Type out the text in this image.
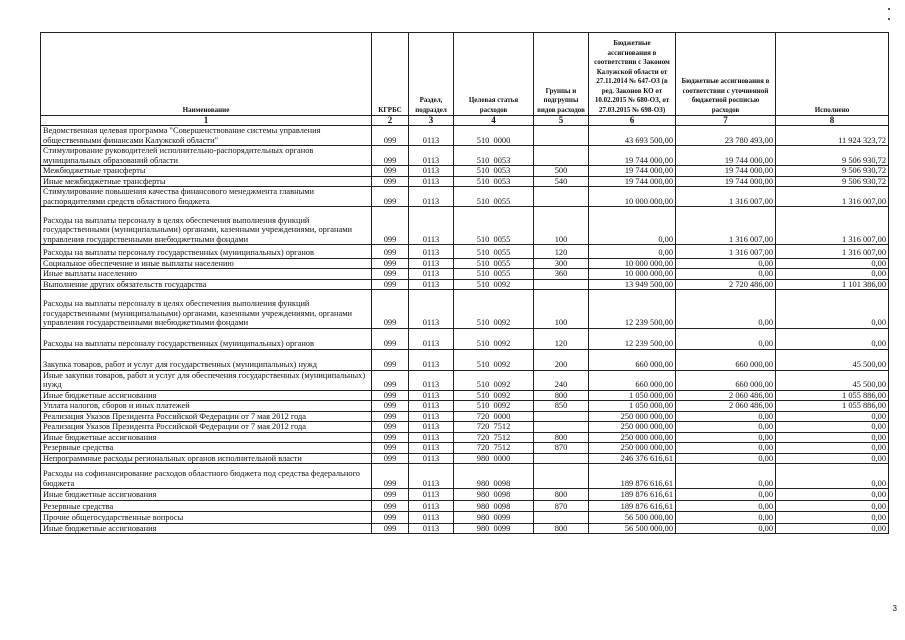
Наименование	КГРБС	Раздел, подраздел	Целевая статья расходов	Группы и подгруппы видов расходов	Бюджетные ассигнования в соответствии с Законом Калужской области от 27.11.2014 № 647-ОЗ (в ред. Законов КО от 10.02.2015 № 680-ОЗ, от 27.03.2015 № 698-ОЗ)	Бюджетные ассигнования в соответствии с уточненной бюджетной росписью расходов	Исполнено
1	2	3	4	5	6	7	8
Ведомственная целевая программа "Совершенствование системы управления общественными финансами Калужской области"	099	0113	510  0000		43 693 500,00	23 780 493,00	11 924 323,72
Стимулирование руководителей исполнительно-распорядительных органов муниципальных образований области	099	0113	510  0053		19 744 000,00	19 744 000,00	9 506 930,72
Межбюджетные трансферты	099	0113	510  0053	500	19 744 000,00	19 744 000,00	9 506 930,72
Иные межбюджетные трансферты	099	0113	510  0053	540	19 744 000,00	19 744 000,00	9 506 930,72
Стимулирование повышения качества финансового менеджмента главными распорядителями средств областного бюджета	099	0113	510  0055		10 000 000,00	1 316 007,00	1 316 007,00
Расходы на выплаты персоналу в целях обеспечения выполнения функций государственными (муниципальными) органами, казенными учреждениями, органами управления государственными внебюджетными фондами	099	0113	510  0055	100	0,00	1 316 007,00	1 316 007,00
Расходы на выплаты персоналу государственных (муниципальных) органов	099	0113	510  0055	120	0,00	1 316 007,00	1 316 007,00
Социальное обеспечение и иные выплаты населению	099	0113	510  0055	300	10 000 000,00	0,00	0,00
Иные выплаты населению	099	0113	510  0055	360	10 000 000,00	0,00	0,00
Выполнение других обязательств государства	099	0113	510  0092		13 949 500,00	2 720 486,00	1 101 386,00
Расходы на выплаты персоналу в целях обеспечения выполнения функций государственными (муниципальными) органами, казенными учреждениями, органами управления государственными внебюджетными фондами	099	0113	510  0092	100	12 239 500,00	0,00	0,00
Расходы на выплаты персоналу государственных (муниципальных) органов	099	0113	510  0092	120	12 239 500,00	0,00	0,00
Закупка товаров, работ и услуг для государственных (муниципальных) нужд	099	0113	510  0092	200	660 000,00	660 000,00	45 500,00
Иные закупки товаров, работ и услуг для обеспечения государственных (муниципальных) нужд	099	0113	510  0092	240	660 000,00	660 000,00	45 500,00
Иные бюджетные ассигнования	099	0113	510  0092	800	1 050 000,00	2 060 486,00	1 055 886,00
Уплата налогов, сборов и иных платежей	099	0113	510  0092	850	1 050 000,00	2 060 486,00	1 055 886,00
Реализация Указов Президента Российской Федерации от 7 мая 2012 года	099	0113	720  0000		250 000 000,00	0,00	0,00
Реализация Указов Президента Российской Федерации от 7 мая 2012 года	099	0113	720  7512		250 000 000,00	0,00	0,00
Иные бюджетные ассигнования	099	0113	720  7512	800	250 000 000,00	0,00	0,00
Резервные средства	099	0113	720  7512	870	250 000 000,00	0,00	0,00
Непрограммные расходы региональных органов исполнительной власти	099	0113	980  0000		246 376 616,61	0,00	0,00
Расходы на софинансирование расходов областного бюджета под средства федерального бюджета	099	0113	980  0098		189 876 616,61	0,00	0,00
Иные бюджетные ассигнования	099	0113	980  0098	800	189 876 616,61	0,00	0,00
Резервные средства	099	0113	980  0098	870	189 876 616,61	0,00	0,00
Прочие общегосударственные вопросы	099	0113	980  0099		56 500 000,00	0,00	0,00
Иные бюджетные ассигнования	099	0113	980  0099	800	56 500 000,00	0,00	0,00
3
